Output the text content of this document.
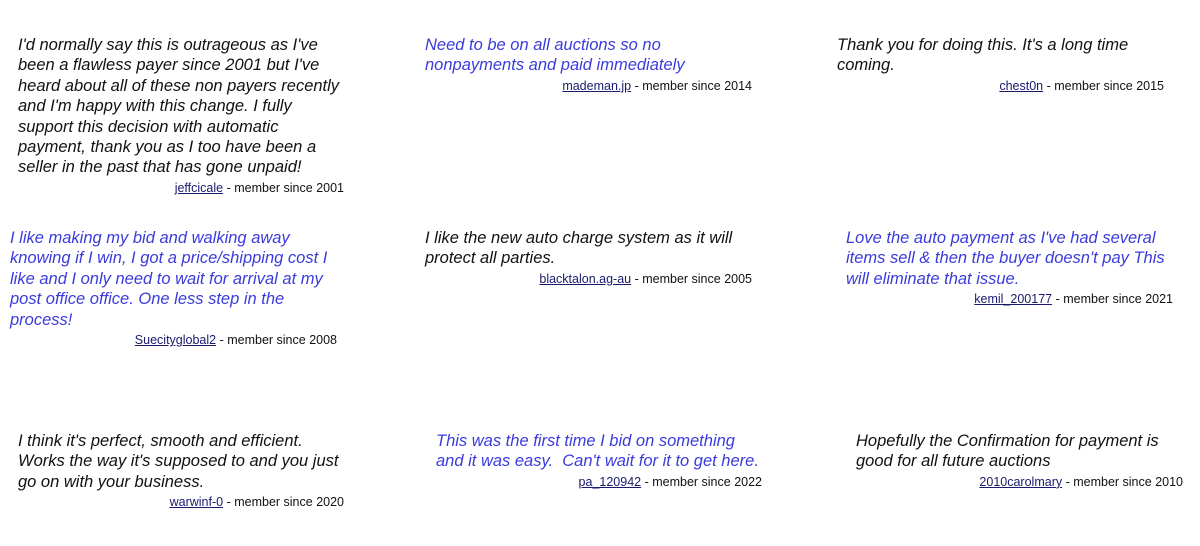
I'd normally say this is outrageous as I've been a flawless payer since 2001 but I've heard about all of these non payers recently and I'm happy with this change. I fully support this decision with automatic payment, thank you as I too have been a seller in the past that has gone unpaid!

jeffcicale - member since 2001

Need to be on all auctions so no nonpayments and paid immediately

mademan.jp - member since 2014

Thank you for doing this. It's a long time coming.

chest0n - member since 2015

I like making my bid and walking away knowing if I win, I got a price/shipping cost I like and I only need to wait for arrival at my post office office. One less step in the process!

Suecityglobal2 - member since 2008

I like the new auto charge system as it will protect all parties.

blacktalon.ag-au - member since 2005

Love the auto payment as I've had several items sell & then the buyer doesn't pay This will eliminate that issue.

kemil_200177 - member since 2021

I think it's perfect, smooth and efficient. Works the way it's supposed to and you just go on with your business.

warwinf-0 - member since 2020

This was the first time I bid on something and it was easy.  Can't wait for it to get here.

pa_120942 - member since 2022

Hopefully the Confirmation for payment is good for all future auctions

2010carolmary - member since 2010
